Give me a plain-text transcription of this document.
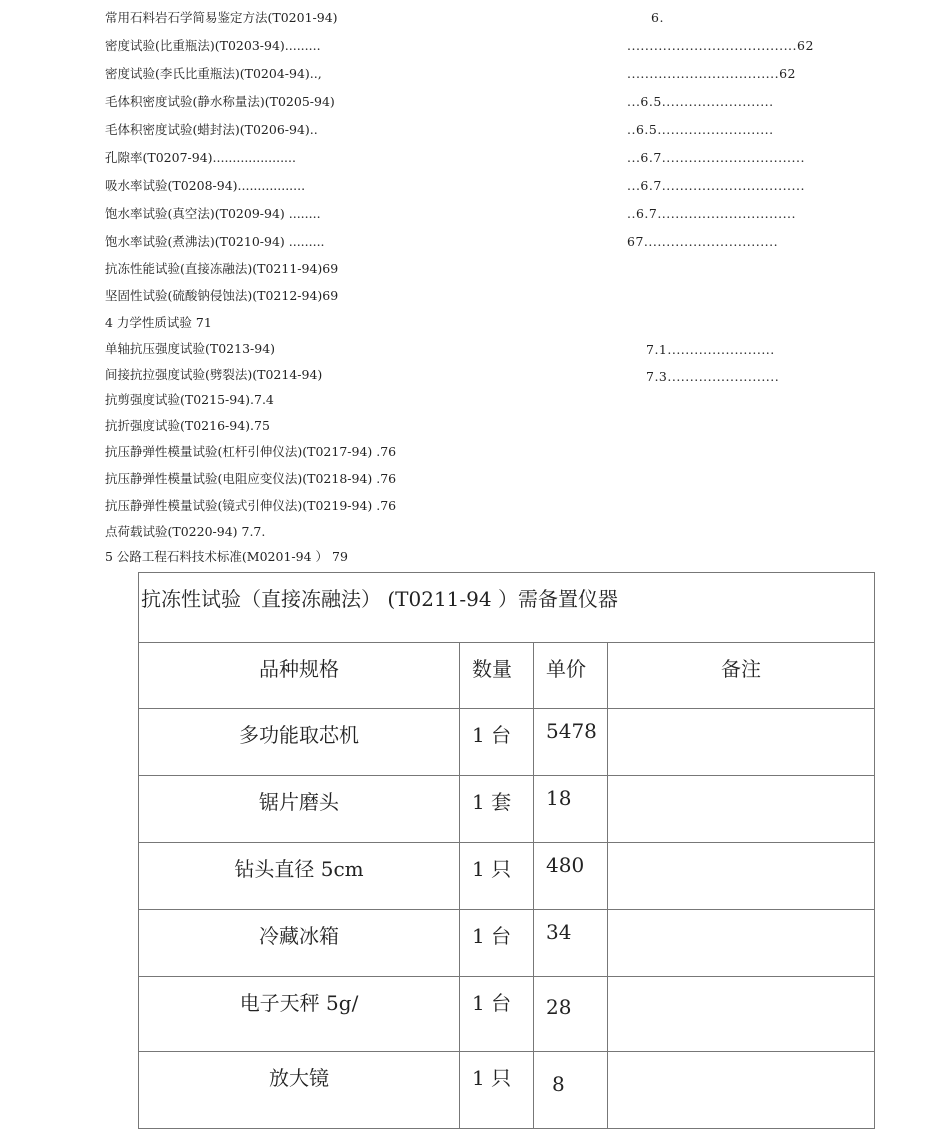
常用石料岩石学简易鉴定方法(T0201-94)	6.
密度试验(比重瓶法)(T0203-94).........	......................................62
密度试验(李氏比重瓶法)(T0204-94)..,	..................................62
毛体积密度试验(静水称量法)(T0205-94)	...6.5.........................
毛体积密度试验(蜡封法)(T0206-94)..	..6.5..........................
孔隙率(T0207-94).....................	...6.7................................
吸水率试验(T0208-94).................	...6.7................................
饱水率试验(真空法)(T0209-94) ........	..6.7...............................
饱水率试验(煮沸法)(T0210-94) .........	67..............................
抗冻性能试验(直接冻融法)(T0211-94)69
坚固性试验(硫酸钠侵蚀法)(T0212-94)69
4 力学性质试验 71
单轴抗压强度试验(T0213-94)	7.1........................
间接抗拉强度试验(劈裂法)(T0214-94)	7.3.........................
抗剪强度试验(T0215-94).7.4
抗折强度试验(T0216-94).75
抗压静弹性模量试验(杠杆引伸仪法)(T0217-94) .76
抗压静弹性模量试验(电阻应变仪法)(T0218-94) .76
抗压静弹性模量试验(镜式引伸仪法)(T0219-94) .76
点荷载试验(T0220-94) 7.7.
5 公路工程石料技术标准(M0201-94 ） 79
抗冻性试验（直接冻融法） (T0211-94 ）需备置仪器			
品种规格	数量	单价	备注
多功能取芯机	1 台	5478	
锯片磨头	1 套	18	
钻头直径 5cm	1 只	480	
冷藏冰箱	1 台	34	
电子天秤 5g/	1 台	28	
放大镜	1 只	8	
